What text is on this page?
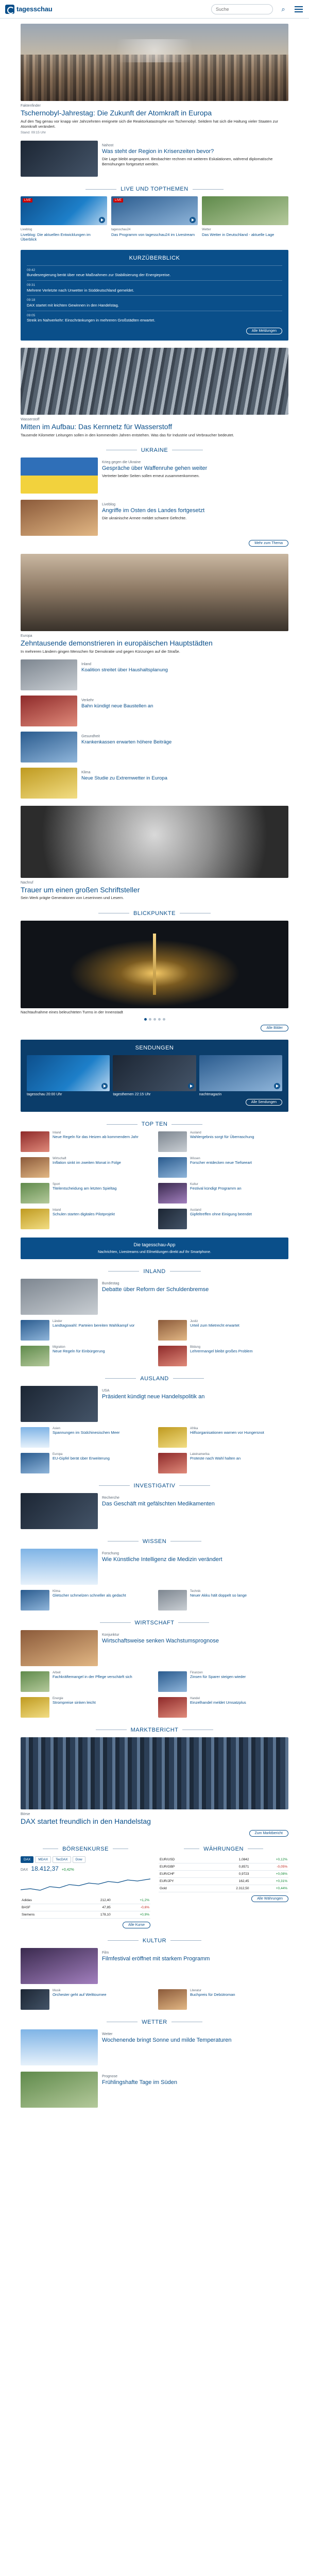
tagesschau
Suche	⌕
Faktenfinder
Tschernobyl-Jahrestag: Die Zukunft der Atomkraft in Europa
Auf den Tag genau vor knapp vier Jahrzehnten ereignete sich die Reaktorkatastrophe von Tschernobyl. Seitdem hat sich die Haltung vieler Staaten zur Atomkraft verändert.
Stand: 09:15 Uhr
Nahost
Was steht der Region in Krisenzeiten bevor?
Die Lage bleibt angespannt. Beobachter rechnen mit weiteren Eskalationen, während diplomatische Bemühungen fortgesetzt werden.
LIVE UND TOPTHEMEN
LIVE
Liveblog
Liveblog: Die aktuellen Entwicklungen im Überblick
LIVE
tagesschau24
Das Programm von tagesschau24 im Livestream
Wetter
Das Wetter in Deutschland - aktuelle Lage
KURZÜBERBLICK
09:42
Bundesregierung berät über neue Maßnahmen zur Stabilisierung der Energiepreise.
09:31
Mehrere Verletzte nach Unwetter in Süddeutschland gemeldet.
09:18
DAX startet mit leichten Gewinnen in den Handelstag.
09:05
Streik im Nahverkehr: Einschränkungen in mehreren Großstädten erwartet.
Alle Meldungen
Wasserstoff
Mitten im Aufbau: Das Kernnetz für Wasserstoff
Tausende Kilometer Leitungen sollen in den kommenden Jahren entstehen. Was das für Industrie und Verbraucher bedeutet.
UKRAINE
Krieg gegen die Ukraine
Gespräche über Waffenruhe gehen weiter
Vertreter beider Seiten sollen erneut zusammenkommen.
Liveblog
Angriffe im Osten des Landes fortgesetzt
Die ukrainische Armee meldet schwere Gefechte.
Mehr zum Thema
Europa
Zehntausende demonstrieren in europäischen Hauptstädten
In mehreren Ländern gingen Menschen für Demokratie und gegen Kürzungen auf die Straße.
Inland
Koalition streitet über Haushaltsplanung
Verkehr
Bahn kündigt neue Baustellen an
Gesundheit
Krankenkassen erwarten höhere Beiträge
Klima
Neue Studie zu Extremwetter in Europa
Nachruf
Trauer um einen großen Schriftsteller
Sein Werk prägte Generationen von Leserinnen und Lesern.
BLICKPUNKTE
Nachtaufnahme eines beleuchteten Turms in der Innenstadt
Alle Bilder
SENDUNGEN
tagesschau 20:00 Uhr	tagesthemen 22:15 Uhr	nachtmagazin
Alle Sendungen
TOP TEN
Inland
Neue Regeln für das Heizen ab kommendem Jahr
Ausland
Wahlergebnis sorgt für Überraschung
Wirtschaft
Inflation sinkt im zweiten Monat in Folge
Wissen
Forscher entdecken neue Tiefseeart
Sport
Titelentscheidung am letzten Spieltag
Kultur
Festival kündigt Programm an
Inland
Schulen starten digitales Pilotprojekt
Ausland
Gipfeltreffen ohne Einigung beendet
Die tagesschau-App
Nachrichten, Livestreams und Eilmeldungen direkt auf Ihr Smartphone.
INLAND
Bundestag
Debatte über Reform der Schuldenbremse
Länder
Landtagswahl: Parteien bereiten Wahlkampf vor
Justiz
Urteil zum Mietrecht erwartet
Migration
Neue Regeln für Einbürgerung
Bildung
Lehrermangel bleibt großes Problem
AUSLAND
USA
Präsident kündigt neue Handelspolitik an
Asien
Spannungen im Südchinesischen Meer
Afrika
Hilfsorganisationen warnen vor Hungersnot
Europa
EU-Gipfel berät über Erweiterung
Lateinamerika
Proteste nach Wahl halten an
INVESTIGATIV
Recherche
Das Geschäft mit gefälschten Medikamenten
WISSEN
Forschung
Wie Künstliche Intelligenz die Medizin verändert
Klima
Gletscher schmelzen schneller als gedacht
Technik
Neuer Akku hält doppelt so lange
WIRTSCHAFT
Konjunktur
Wirtschaftsweise senken Wachstumsprognose
Arbeit
Fachkräftemangel in der Pflege verschärft sich
Finanzen
Zinsen für Sparer steigen wieder
Energie
Strompreise sinken leicht
Handel
Einzelhandel meldet Umsatzplus
MARKTBERICHT
Börse
DAX startet freundlich in den Handelstag
Zum Marktbericht
BÖRSENKURSE
DAX	MDAX	TecDAX	Dow
DAX 18.412,37 +0,42%
Adidas	212,40	+1,2%
BASF	47,85	-0,6%
Siemens	178,10	+0,9%
Alle Kurse
WÄHRUNGEN
EUR/USD	1,0842	+0,12%
EUR/GBP	0,8571	-0,05%
EUR/CHF	0,9723	+0,08%
EUR/JPY	162,45	+0,31%
Gold	2.312,50	+0,44%
Alle Währungen
KULTUR
Film
Filmfestival eröffnet mit starkem Programm
Musik
Orchester geht auf Welttournee
Literatur
Buchpreis für Debütroman
WETTER
Wetter
Wochenende bringt Sonne und milde Temperaturen
Prognose
Frühlingshafte Tage im Süden
